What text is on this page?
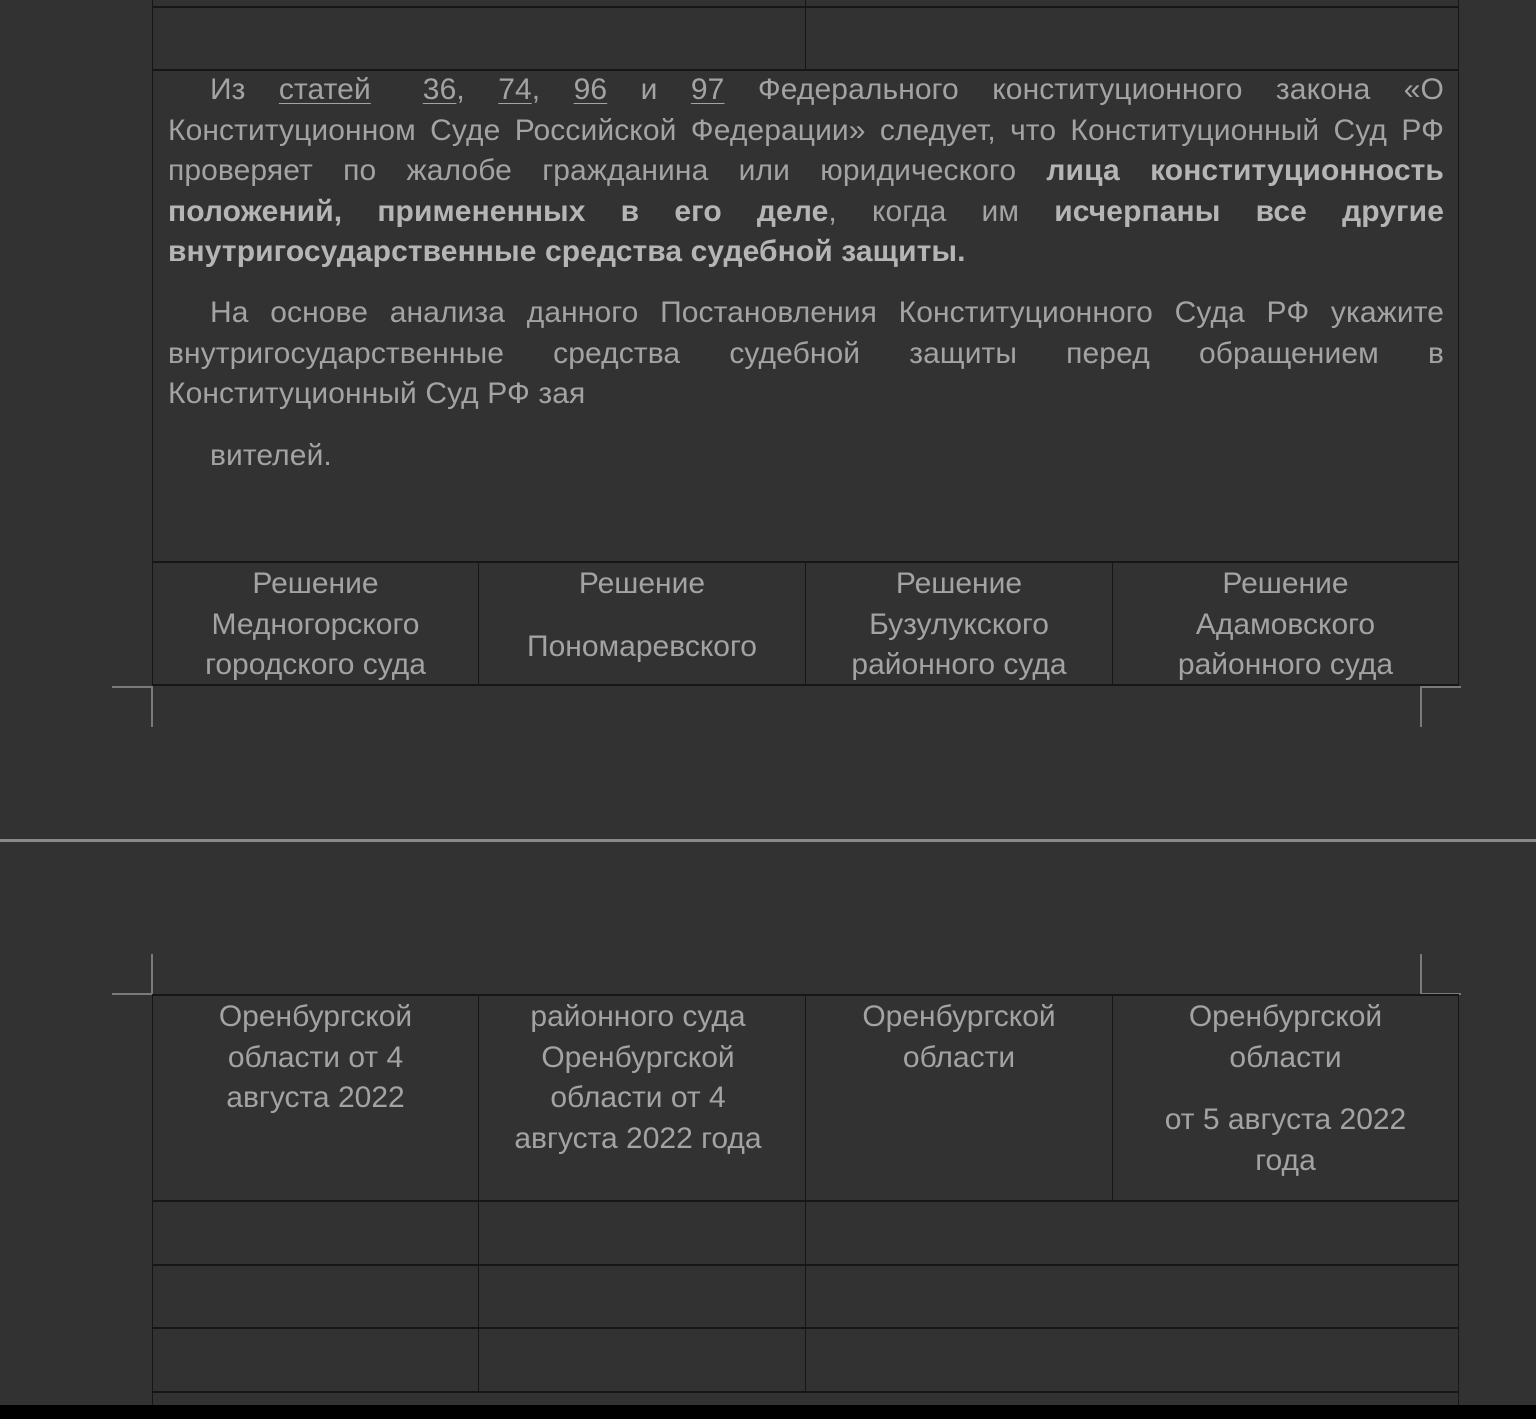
Из статей 36, 74, 96 и 97 Федерального конституционного закона «О Конституционном Суде Российской Федерации» следует, что Конституционный Суд РФ проверяет по жалобе гражданина или юридического лица конституционность положений, примененных в его деле, когда им исчерпаны все другие внутригосударственные средства судебной защиты.
На основе анализа данного Постановления Конституционного Суда РФ укажите внутригосударственные средства судебной защиты перед обращением в Конституционный Суд РФ зая
вителей.
Решение
Медногорского
городского суда
Решение
Пономаревского
Решение
Бузулукского
районного суда
Решение
Адамовского
районного суда
Оренбургской
области от 4
августа 2022
районного суда
Оренбургской
области от 4
августа 2022 года
Оренбургской
области
Оренбургской
области
от 5 августа 2022
года
